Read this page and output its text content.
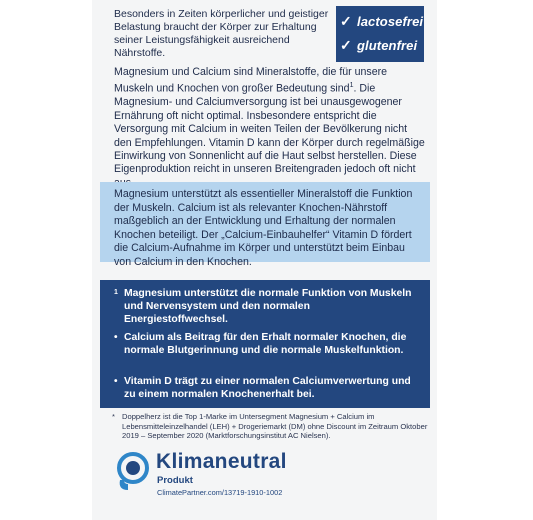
Besonders in Zeiten körperlicher und geistiger Belastung braucht der Körper zur Erhaltung seiner Leistungsfähigkeit ausreichend Nährstoffe.
✓ lactosefrei
✓ glutenfrei
Magnesium und Calcium sind Mineralstoffe, die für unsere Muskeln und Knochen von großer Bedeutung sind$^1$. Die Magnesium- und Calciumversorgung ist bei unausgewogener Ernährung oft nicht optimal. Insbesondere entspricht die Versorgung mit Calcium in weiten Teilen der Bevölkerung nicht den Empfehlungen. Vitamin D kann der Körper durch regelmäßige Einwirkung von Sonnenlicht auf die Haut selbst herstellen. Diese Eigenproduktion reicht in unseren Breitengraden jedoch oft nicht
Magnesium unterstützt als essentieller Mineralstoff die Funktion der Muskeln. Calcium ist als relevanter Knochen-Nährstoff maßgeblich an der Entwicklung und Erhaltung der normalen Knochen beteiligt. Der „Calcium-Einbauhelfer“ Vitamin D fördert die Calcium-Aufnahme im Körper und unterstützt beim Einbau von Calcium in den Knochen.
1 Magnesium unterstützt die normale Funktion von Muskeln und Nervensystem und den normalen Energiestoffwechsel.
• Calcium als Beitrag für den Erhalt normaler Knochen, die normale Blutgerinnung und die normale Muskelfunktion.
• Vitamin D trägt zu einer normalen Calciumverwertung und zu einem normalen Knochenerhalt bei.
* Doppelherz ist die Top 1-Marke im Untersegment Magnesium + Calcium im Lebensmitteleinzelhandel (LEH) + Drogeriemarkt (DM) ohne Discount im Zeitraum Oktober 2019 – September 2020 (Marktforschungsinstitut AC Nielsen).
Klimaneutral
Produkt
ClimatePartner.com/13719-1910-1002
